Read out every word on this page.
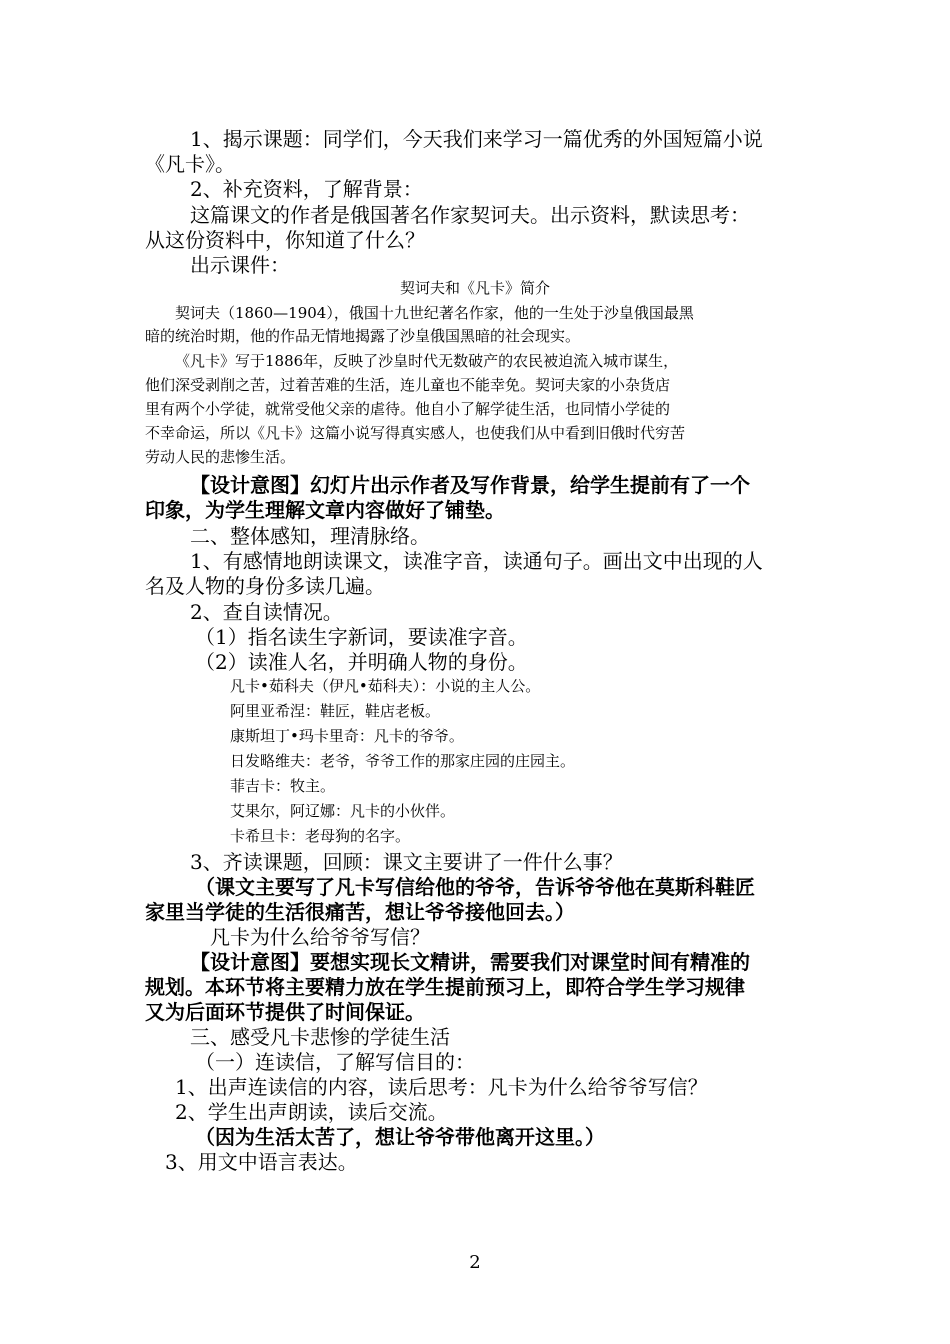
1、揭示课题：同学们，今天我们来学习一篇优秀的外国短篇小说
《凡卡》。
2、补充资料，了解背景：
这篇课文的作者是俄国著名作家契诃夫。出示资料，默读思考：
从这份资料中，你知道了什么？
出示课件：
契诃夫和《凡卡》简介
契诃夫（1860—1904），俄国十九世纪著名作家，他的一生处于沙皇俄国最黑
暗的统治时期，他的作品无情地揭露了沙皇俄国黑暗的社会现实。
《凡卡》写于1886年，反映了沙皇时代无数破产的农民被迫流入城市谋生，
他们深受剥削之苦，过着苦难的生活，连儿童也不能幸免。契诃夫家的小杂货店
里有两个小学徒，就常受他父亲的虐待。他自小了解学徒生活，也同情小学徒的
不幸命运，所以《凡卡》这篇小说写得真实感人，也使我们从中看到旧俄时代穷苦
劳动人民的悲惨生活。
【设计意图】幻灯片出示作者及写作背景，给学生提前有了一个
印象，为学生理解文章内容做好了铺垫。
二、整体感知，理清脉络。
1、有感情地朗读课文，读准字音，读通句子。画出文中出现的人
名及人物的身份多读几遍。
2、查自读情况。
（1）指名读生字新词，要读准字音。
（2）读准人名，并明确人物的身份。
凡卡•茹科夫（伊凡•茹科夫）：小说的主人公。
阿里亚希涅：鞋匠，鞋店老板。
康斯坦丁•玛卡里奇：凡卡的爷爷。
日发略维夫：老爷，爷爷工作的那家庄园的庄园主。
菲吉卡：牧主。
艾果尔，阿辽娜：凡卡的小伙伴。
卡希旦卡：老母狗的名字。
3、齐读课题，回顾：课文主要讲了一件什么事？
（课文主要写了凡卡写信给他的爷爷，告诉爷爷他在莫斯科鞋匠
家里当学徒的生活很痛苦，想让爷爷接他回去。）
凡卡为什么给爷爷写信？
【设计意图】要想实现长文精讲，需要我们对课堂时间有精准的
规划。本环节将主要精力放在学生提前预习上，即符合学生学习规律
又为后面环节提供了时间保证。
三、感受凡卡悲惨的学徒生活
（一）连读信，了解写信目的：
1、出声连读信的内容，读后思考：凡卡为什么给爷爷写信？
2、学生出声朗读，读后交流。
（因为生活太苦了，想让爷爷带他离开这里。）
3、用文中语言表达。
2
